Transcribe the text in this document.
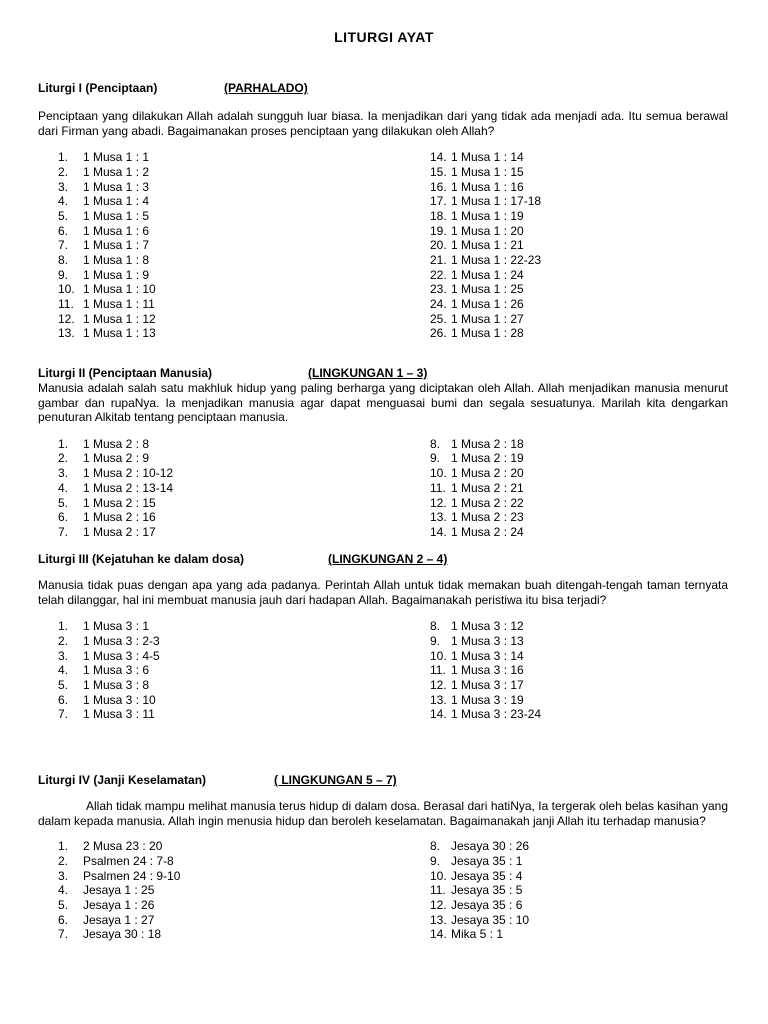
LITURGI AYAT
Liturgi I (Penciptaan)	(PARHALADO)

Penciptaan yang dilakukan Allah adalah sungguh luar biasa. Ia menjadikan dari yang tidak ada menjadi ada. Itu semua berawal dari Firman yang abadi. Bagaimanakan proses penciptaan yang dilakukan oleh Allah?

1. 1 Musa 1 : 1
2. 1 Musa 1 : 2
3. 1 Musa 1 : 3
4. 1 Musa 1 : 4
5. 1 Musa 1 : 5
6. 1 Musa 1 : 6
7. 1 Musa 1 : 7
8. 1 Musa 1 : 8
9. 1 Musa 1 : 9
10. 1 Musa 1 : 10
11. 1 Musa 1 : 11
12. 1 Musa 1 : 12
13. 1 Musa 1 : 13
14. 1 Musa 1 : 14
15. 1 Musa 1 : 15
16. 1 Musa 1 : 16
17. 1 Musa 1 : 17-18
18. 1 Musa 1 : 19
19. 1 Musa 1 : 20
20. 1 Musa 1 : 21
21. 1 Musa 1 : 22-23
22. 1 Musa 1 : 24
23. 1 Musa 1 : 25
24. 1 Musa 1 : 26
25. 1 Musa 1 : 27
26. 1 Musa 1 : 28
Liturgi II (Penciptaan Manusia)	(LINGKUNGAN 1 – 3)

Manusia adalah salah satu makhluk hidup yang paling berharga yang diciptakan oleh Allah. Allah menjadikan manusia menurut gambar dan rupaNya. Ia menjadikan manusia agar dapat menguasai bumi dan segala sesuatunya. Marilah kita dengarkan penuturan Alkitab tentang penciptaan manusia.

1. 1 Musa 2 : 8
2. 1 Musa 2 : 9
3. 1 Musa 2 : 10-12
4. 1 Musa 2 : 13-14
5. 1 Musa 2 : 15
6. 1 Musa 2 : 16
7. 1 Musa 2 : 17
8. 1 Musa 2 : 18
9. 1 Musa 2 : 19
10. 1 Musa 2 : 20
11. 1 Musa 2 : 21
12. 1 Musa 2 : 22
13. 1 Musa 2 : 23
14. 1 Musa 2 : 24
Liturgi III (Kejatuhan ke dalam dosa)	(LINGKUNGAN 2 – 4)

Manusia tidak puas dengan apa yang ada padanya. Perintah Allah untuk tidak memakan buah ditengah-tengah taman ternyata telah dilanggar, hal ini membuat manusia jauh dari hadapan Allah. Bagaimanakah peristiwa itu bisa terjadi?

1. 1 Musa 3 : 1
2. 1 Musa 3 : 2-3
3. 1 Musa 3 : 4-5
4. 1 Musa 3 : 6
5. 1 Musa 3 : 8
6. 1 Musa 3 : 10
7. 1 Musa 3 : 11
8. 1 Musa 3 : 12
9. 1 Musa 3 : 13
10. 1 Musa 3 : 14
11. 1 Musa 3 : 16
12. 1 Musa 3 : 17
13. 1 Musa 3 : 19
14. 1 Musa 3 : 23-24
Liturgi IV (Janji Keselamatan)	( LINGKUNGAN 5 – 7)

Allah tidak mampu melihat manusia terus hidup di dalam dosa. Berasal dari hatiNya, Ia tergerak oleh belas kasihan yang dalam kepada manusia. Allah ingin menusia hidup dan beroleh keselamatan. Bagaimanakah janji Allah itu terhadap manusia?

1. 2 Musa 23 : 20
2. Psalmen 24 : 7-8
3. Psalmen 24 : 9-10
4. Jesaya 1 : 25
5. Jesaya 1 : 26
6. Jesaya 1 : 27
7. Jesaya 30 : 18
8. Jesaya 30 : 26
9. Jesaya 35 : 1
10. Jesaya 35 : 4
11. Jesaya 35 : 5
12. Jesaya 35 : 6
13. Jesaya 35 : 10
14. Mika 5 : 1
